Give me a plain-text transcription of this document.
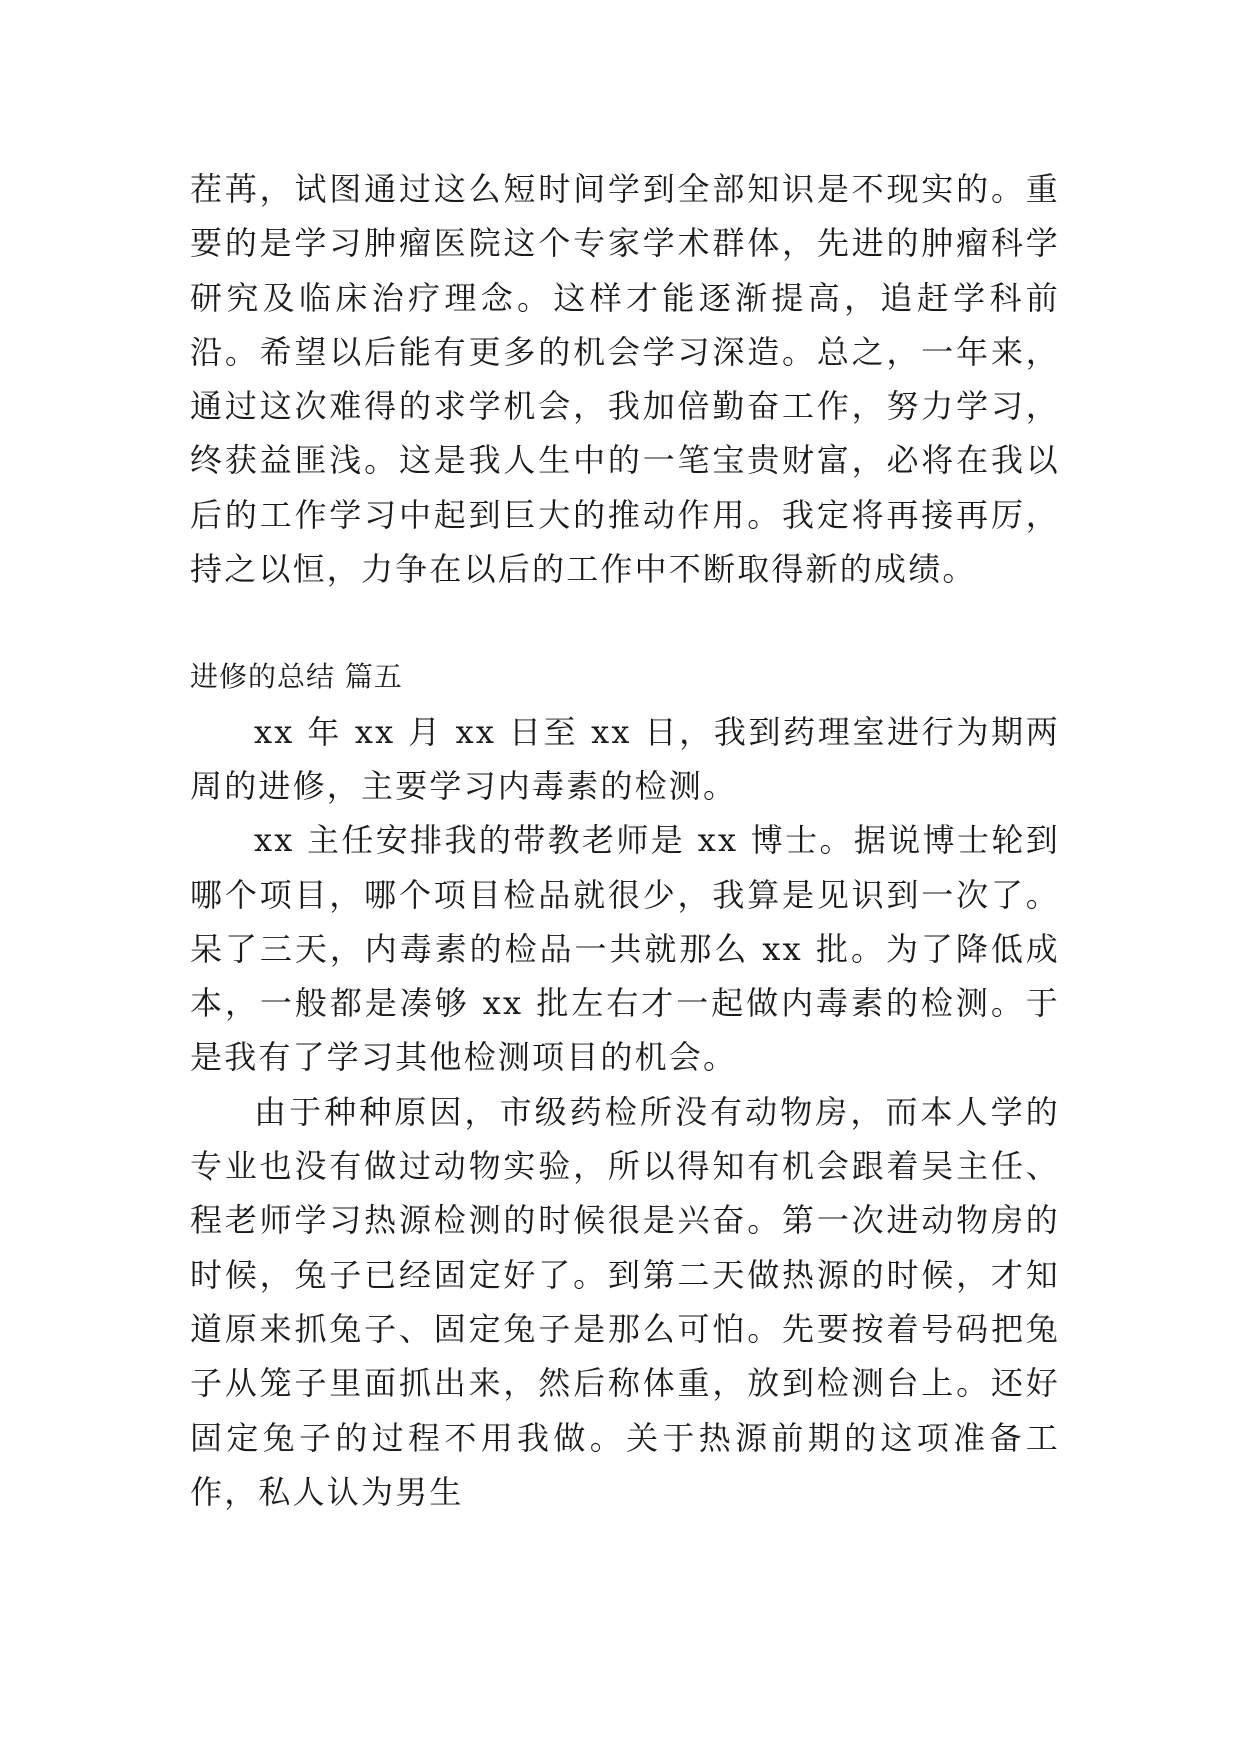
茬苒，试图通过这么短时间学到全部知识是不现实的。重要的是学习肿瘤医院这个专家学术群体，先进的肿瘤科学研究及临床治疗理念。这样才能逐渐提高，追赶学科前沿。希望以后能有更多的机会学习深造。总之，一年来，通过这次难得的求学机会，我加倍勤奋工作，努力学习，终获益匪浅。这是我人生中的一笔宝贵财富，必将在我以后的工作学习中起到巨大的推动作用。我定将再接再厉，持之以恒，力争在以后的工作中不断取得新的成绩。

进修的总结 篇五

xx 年 xx 月 xx 日至 xx 日，我到药理室进行为期两周的进修，主要学习内毒素的检测。

xx 主任安排我的带教老师是 xx 博士。据说博士轮到哪个项目，哪个项目检品就很少，我算是见识到一次了。呆了三天，内毒素的检品一共就那么 xx 批。为了降低成本，一般都是凑够 xx 批左右才一起做内毒素的检测。于是我有了学习其他检测项目的机会。

由于种种原因，市级药检所没有动物房，而本人学的专业也没有做过动物实验，所以得知有机会跟着吴主任、程老师学习热源检测的时候很是兴奋。第一次进动物房的时候，兔子已经固定好了。到第二天做热源的时候，才知道原来抓兔子、固定兔子是那么可怕。先要按着号码把兔子从笼子里面抓出来，然后称体重，放到检测台上。还好固定兔子的过程不用我做。关于热源前期的这项准备工作，私人认为男生
